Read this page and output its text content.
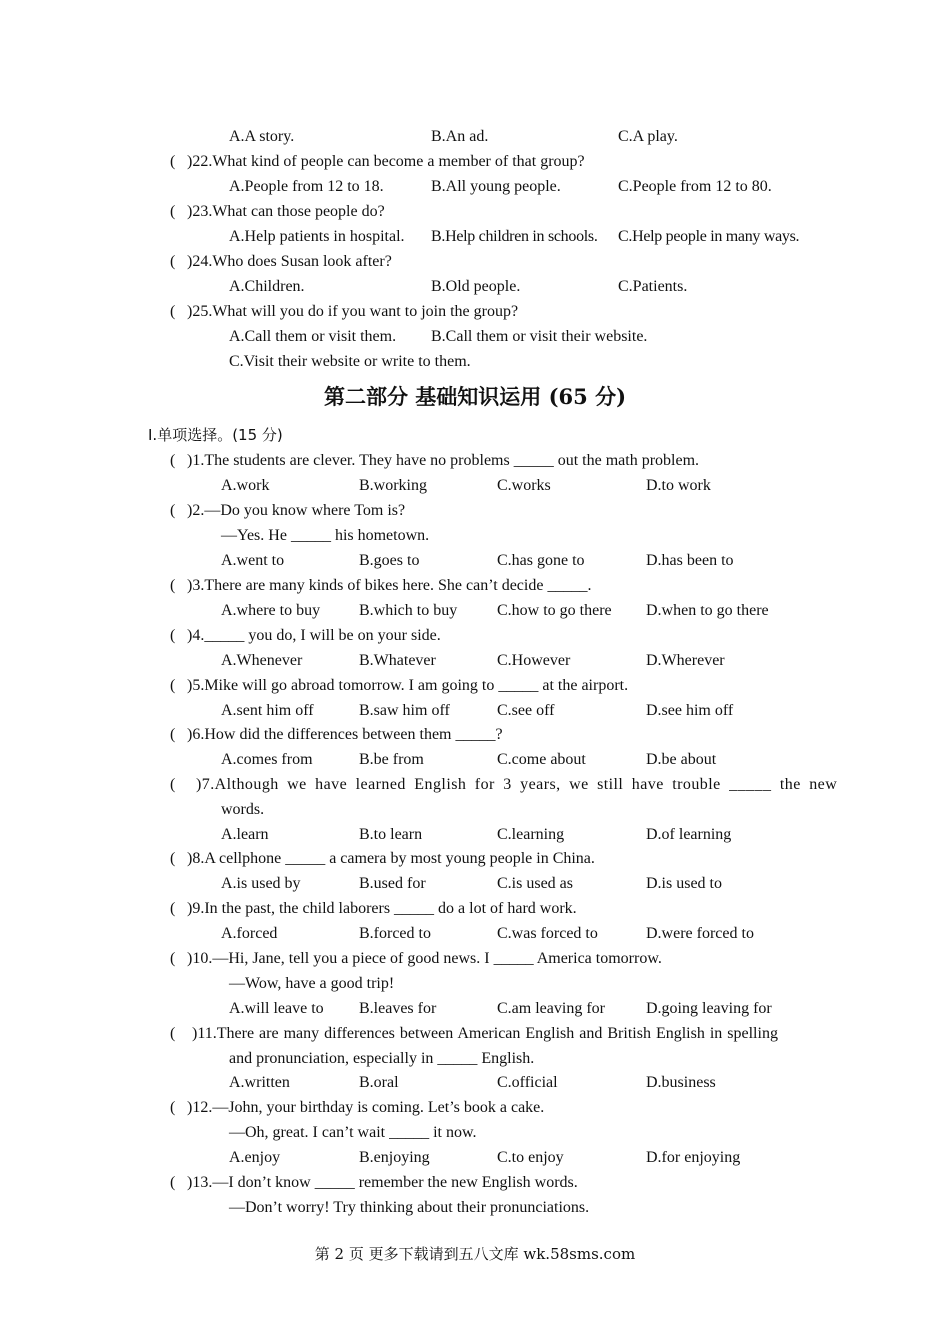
A.A story.	B.An ad.	C.A play.
( )22.What kind of people can become a member of that group?
A.People from 12 to 18.	B.All young people.	C.People from 12 to 80.
( )23.What can those people do?
A.Help patients in hospital. B.Help children in schools. C.Help people in many ways.
( )24.Who does Susan look after?
A.Children.	B.Old people.	C.Patients.
( )25.What will you do if you want to join the group?
A.Call them or visit them. B.Call them or visit their website.
C.Visit their website or write to them.
第二部分 基础知识运用 (65 分)
Ⅰ.单项选择。(15 分)
( )1.The students are clever. They have no problems _____ out the math problem.
A.work	B.working	C.works	D.to work
( )2.—Do you know where Tom is?
—Yes. He _____ his hometown.
A.went to	B.goes to	C.has gone to	D.has been to
( )3.There are many kinds of bikes here. She can’t decide _____.
A.where to buy B.which to buy C.how to go there D.when to go there
( )4._____ you do, I will be on your side.
A.Whenever	B.Whatever	C.However	D.Wherever
( )5.Mike will go abroad tomorrow. I am going to _____ at the airport.
A.sent him off	B.saw him off	C.see off	D.see him off
( )6.How did the differences between them _____?
A.comes from	B.be from	C.come about	D.be about
( )7.Although we have learned English for 3 years, we still have trouble _____ the new
words.
A.learn	B.to learn	C.learning	D.of learning
( )8.A cellphone _____ a camera by most young people in China.
A.is used by	B.used for	C.is used as	D.is used to
( )9.In the past, the child laborers _____ do a lot of hard work.
A.forced	B.forced to	C.was forced to	D.were forced to
( )10.—Hi, Jane, tell you a piece of good news. I _____ America tomorrow.
—Wow, have a good trip!
A.will leave to B.leaves for	C.am leaving for	D.going leaving for
( )11.There are many differences between American English and British English in spelling
and pronunciation, especially in _____ English.
A.written	B.oral	C.official	D.business
( )12.—John, your birthday is coming. Let’s book a cake.
—Oh, great. I can’t wait _____ it now.
A.enjoy	B.enjoying	C.to enjoy	D.for enjoying
( )13.—I don’t know _____ remember the new English words.
—Don’t worry! Try thinking about their pronunciations.
第 2 页 更多下载请到五八文库 wk.58sms.com
